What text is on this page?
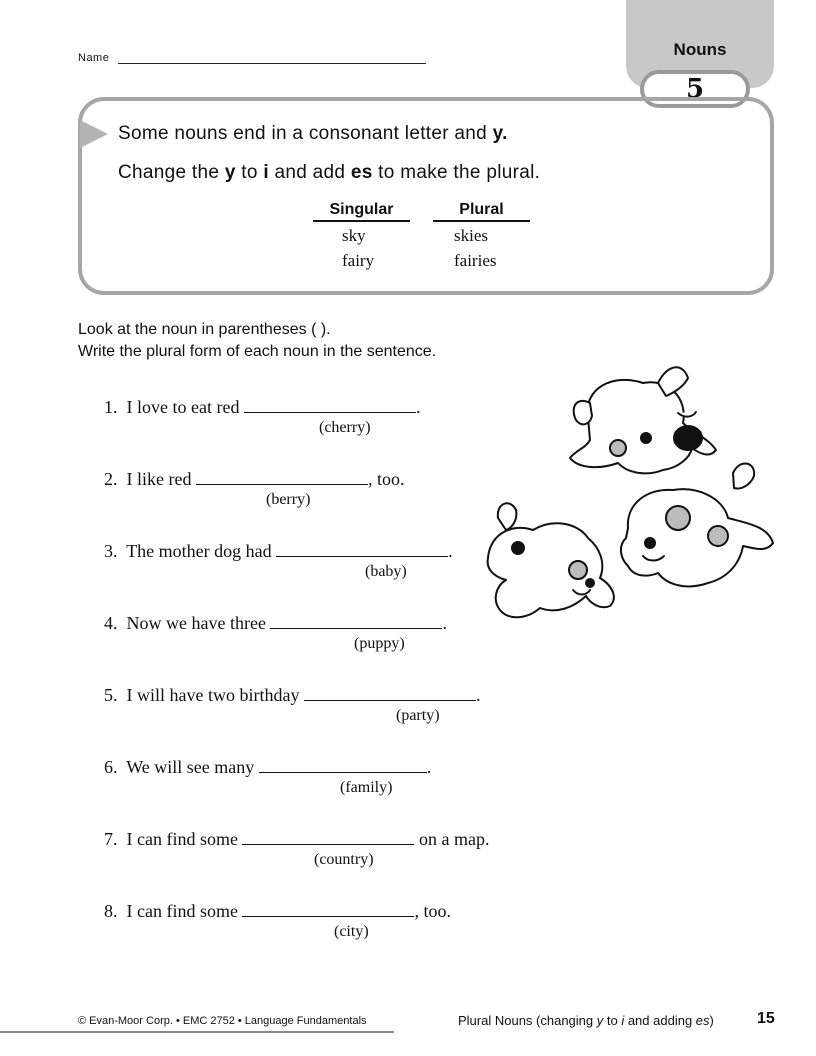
Nouns
5
Name
Some nouns end in a consonant letter and y.
Change the y to i and add es to make the plural.
Singular	Plural
sky	skies
fairy	fairies
Look at the noun in parentheses ( ).
Write the plural form of each noun in the sentence.
1. I love to eat red	.
(cherry)
2. I like red	, too.
(berry)
3. The mother dog had	.
(baby)
4. Now we have three	.
(puppy)
5. I will have two birthday	.
(party)
6. We will see many	.
(family)
7. I can find some	on a map.
(country)
8. I can find some	, too.
(city)
© Evan-Moor Corp. • EMC 2752 • Language Fundamentals	Plural Nouns (changing y to i and adding es)	15
